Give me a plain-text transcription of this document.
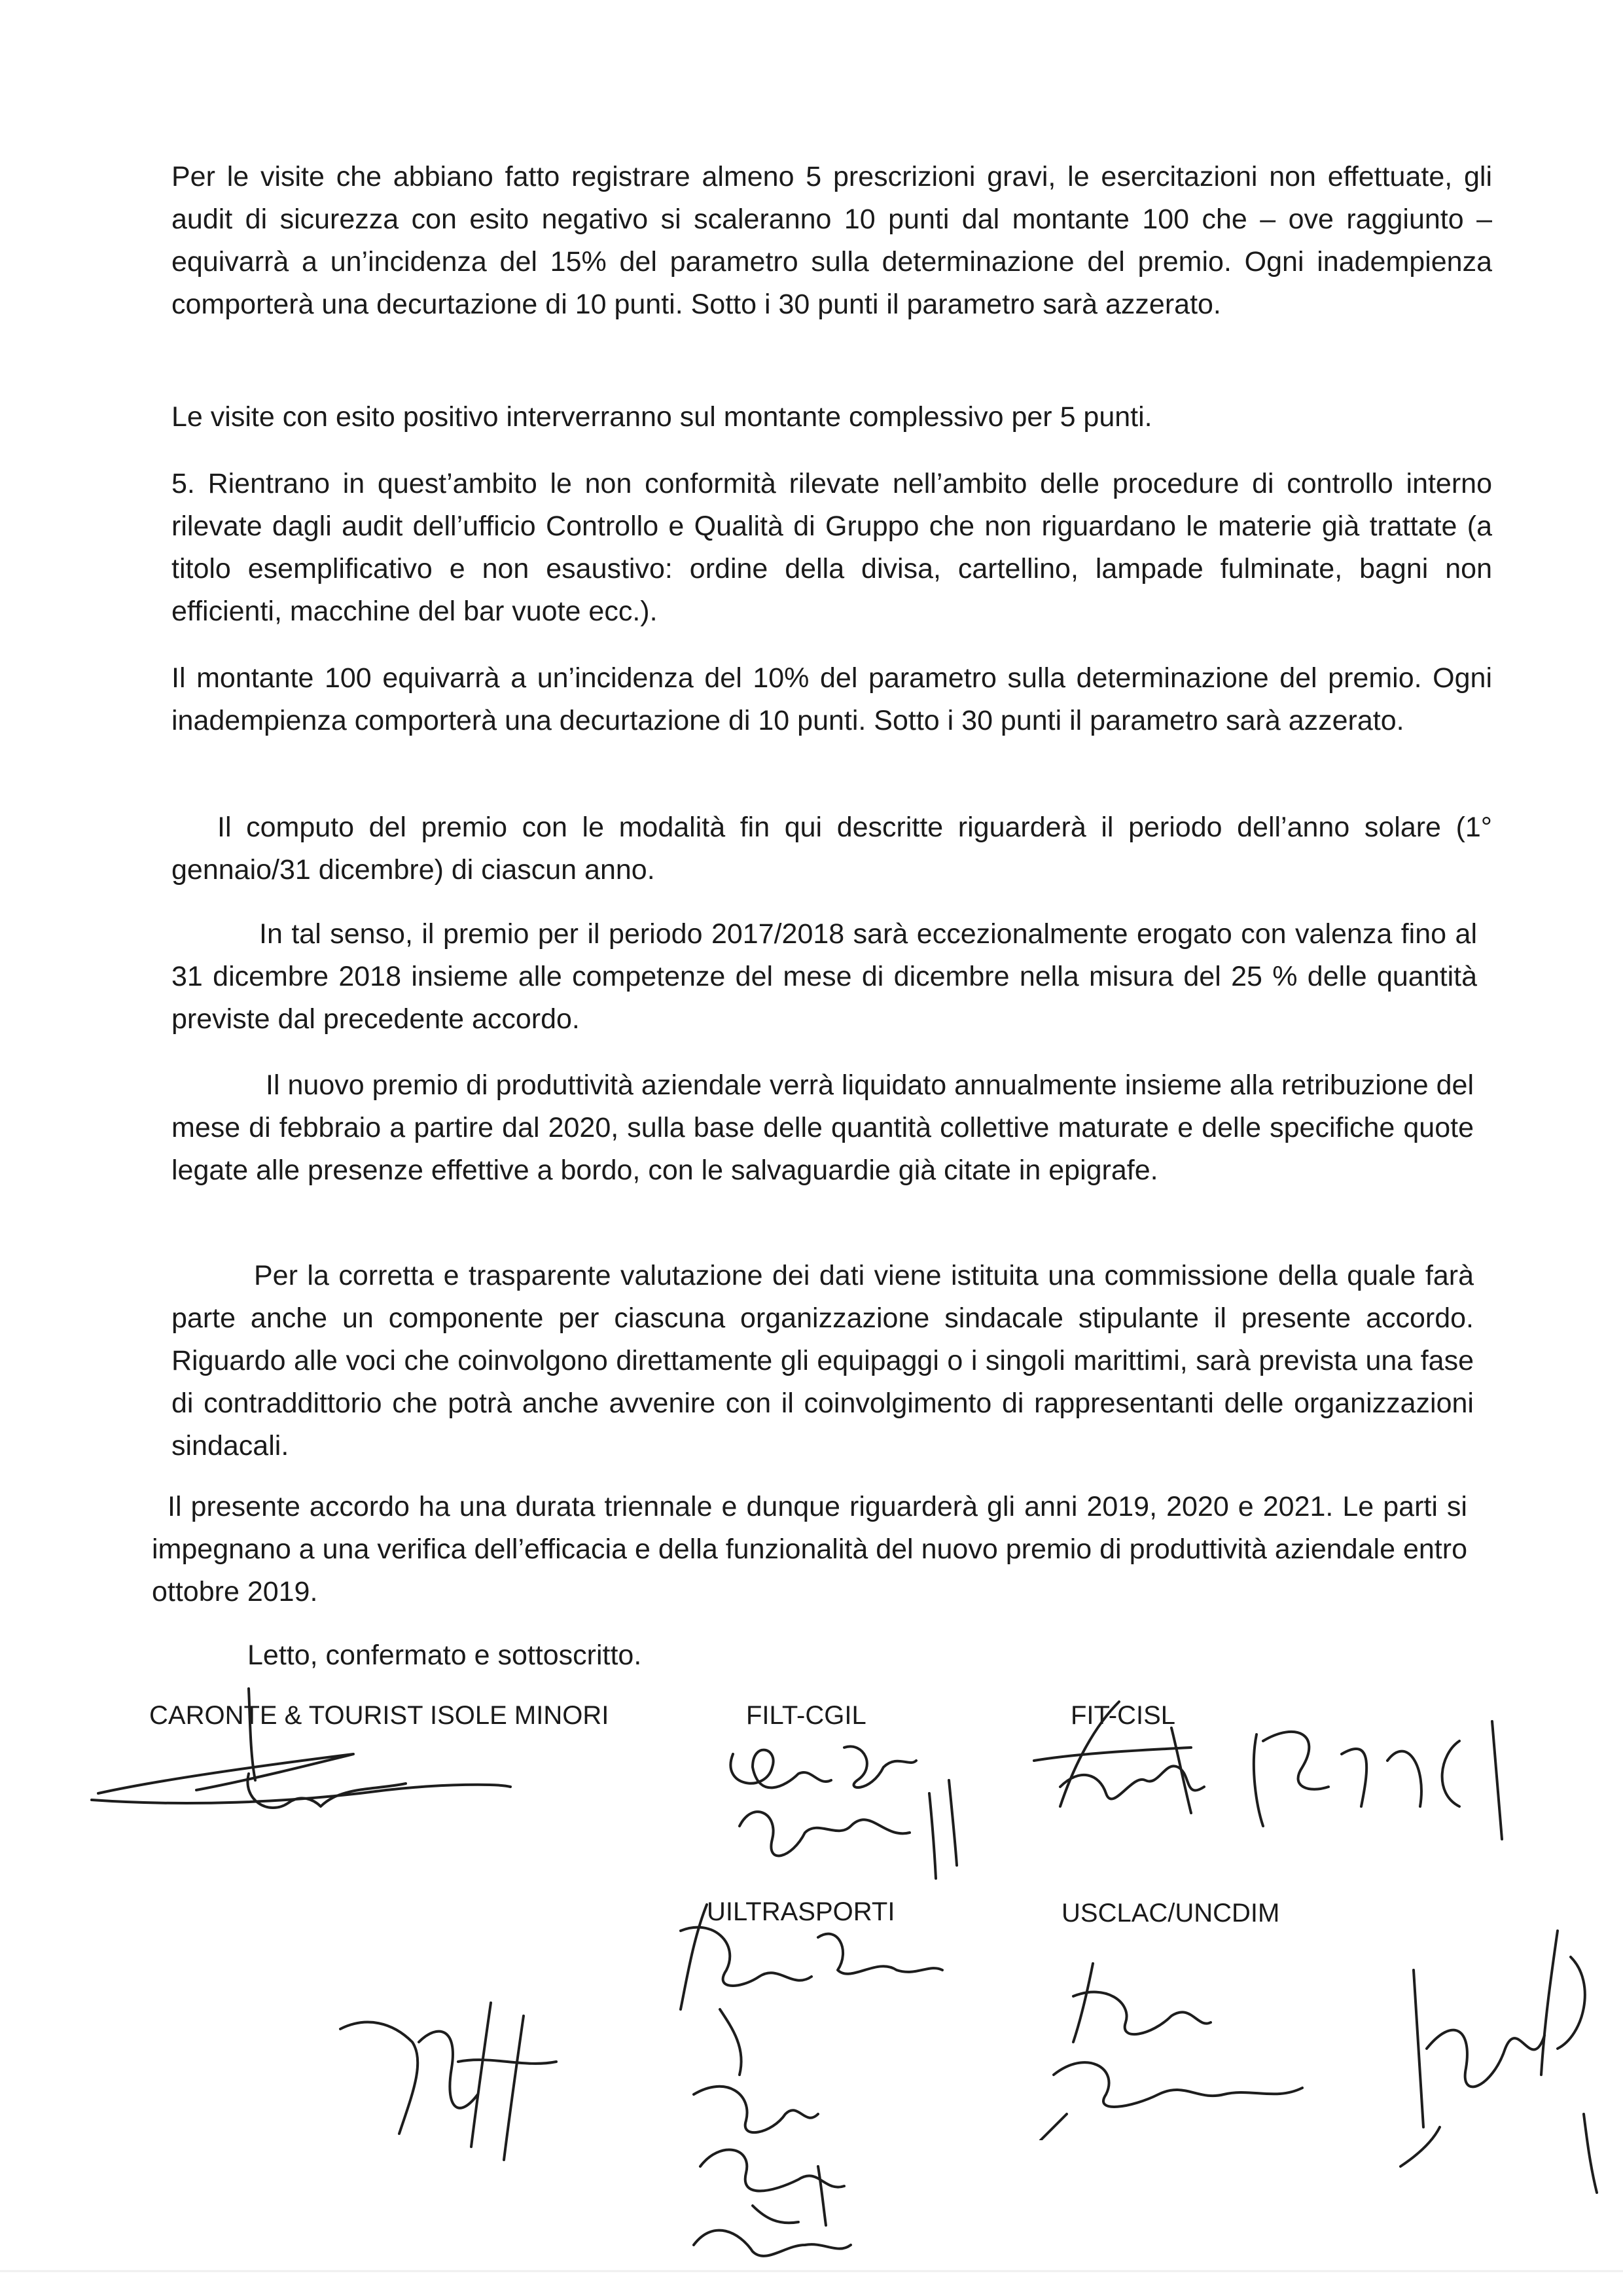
Per le visite che abbiano fatto registrare almeno 5 prescrizioni gravi, le esercitazioni non effettuate, gli audit di sicurezza con esito negativo si scaleranno 10 punti dal montante 100 che – ove raggiunto – equivarrà a un’incidenza del 15% del parametro sulla determinazione del premio. Ogni inadempienza comporterà una decurtazione di 10 punti. Sotto i 30 punti il parametro sarà azzerato.

Le visite con esito positivo interverranno sul montante complessivo per 5 punti.

5. Rientrano in quest’ambito le non conformità rilevate nell’ambito delle procedure di controllo interno rilevate dagli audit dell’ufficio Controllo e Qualità di Gruppo che non riguardano le materie già trattate (a titolo esemplificativo e non esaustivo: ordine della divisa, cartellino, lampade fulminate, bagni non efficienti, macchine del bar vuote ecc.).

Il montante 100 equivarrà a un’incidenza del 10% del parametro sulla determinazione del premio. Ogni inadempienza comporterà una decurtazione di 10 punti. Sotto i 30 punti il parametro sarà azzerato.

Il computo del premio con le modalità fin qui descritte riguarderà il periodo dell’anno solare (1° gennaio/31 dicembre) di ciascun anno.

In tal senso, il premio per il periodo 2017/2018 sarà eccezionalmente erogato con valenza fino al 31 dicembre 2018 insieme alle competenze del mese di dicembre nella misura del 25 % delle quantità previste dal precedente accordo.

Il nuovo premio di produttività aziendale verrà liquidato annualmente insieme alla retribuzione del mese di febbraio a partire dal 2020, sulla base delle quantità collettive maturate e delle specifiche quote legate alle presenze effettive a bordo, con le salvaguardie già citate in epigrafe.

Per la corretta e trasparente valutazione dei dati viene istituita una commissione della quale farà parte anche un componente per ciascuna organizzazione sindacale stipulante il presente accordo. Riguardo alle voci che coinvolgono direttamente gli equipaggi o i singoli marittimi, sarà prevista una fase di contraddittorio che potrà anche avvenire con il coinvolgimento di rappresentanti delle organizzazioni sindacali.

Il presente accordo ha una durata triennale e dunque riguarderà gli anni 2019, 2020 e 2021. Le parti si impegnano a una verifica dell’efficacia e della funzionalità del nuovo premio di produttività aziendale entro ottobre 2019.

Letto, confermato e sottoscritto.

CARONTE & TOURIST ISOLE MINORI	FILT-CGIL	FIT-CISL
UILTRASPORTI	USCLAC/UNCDIM
